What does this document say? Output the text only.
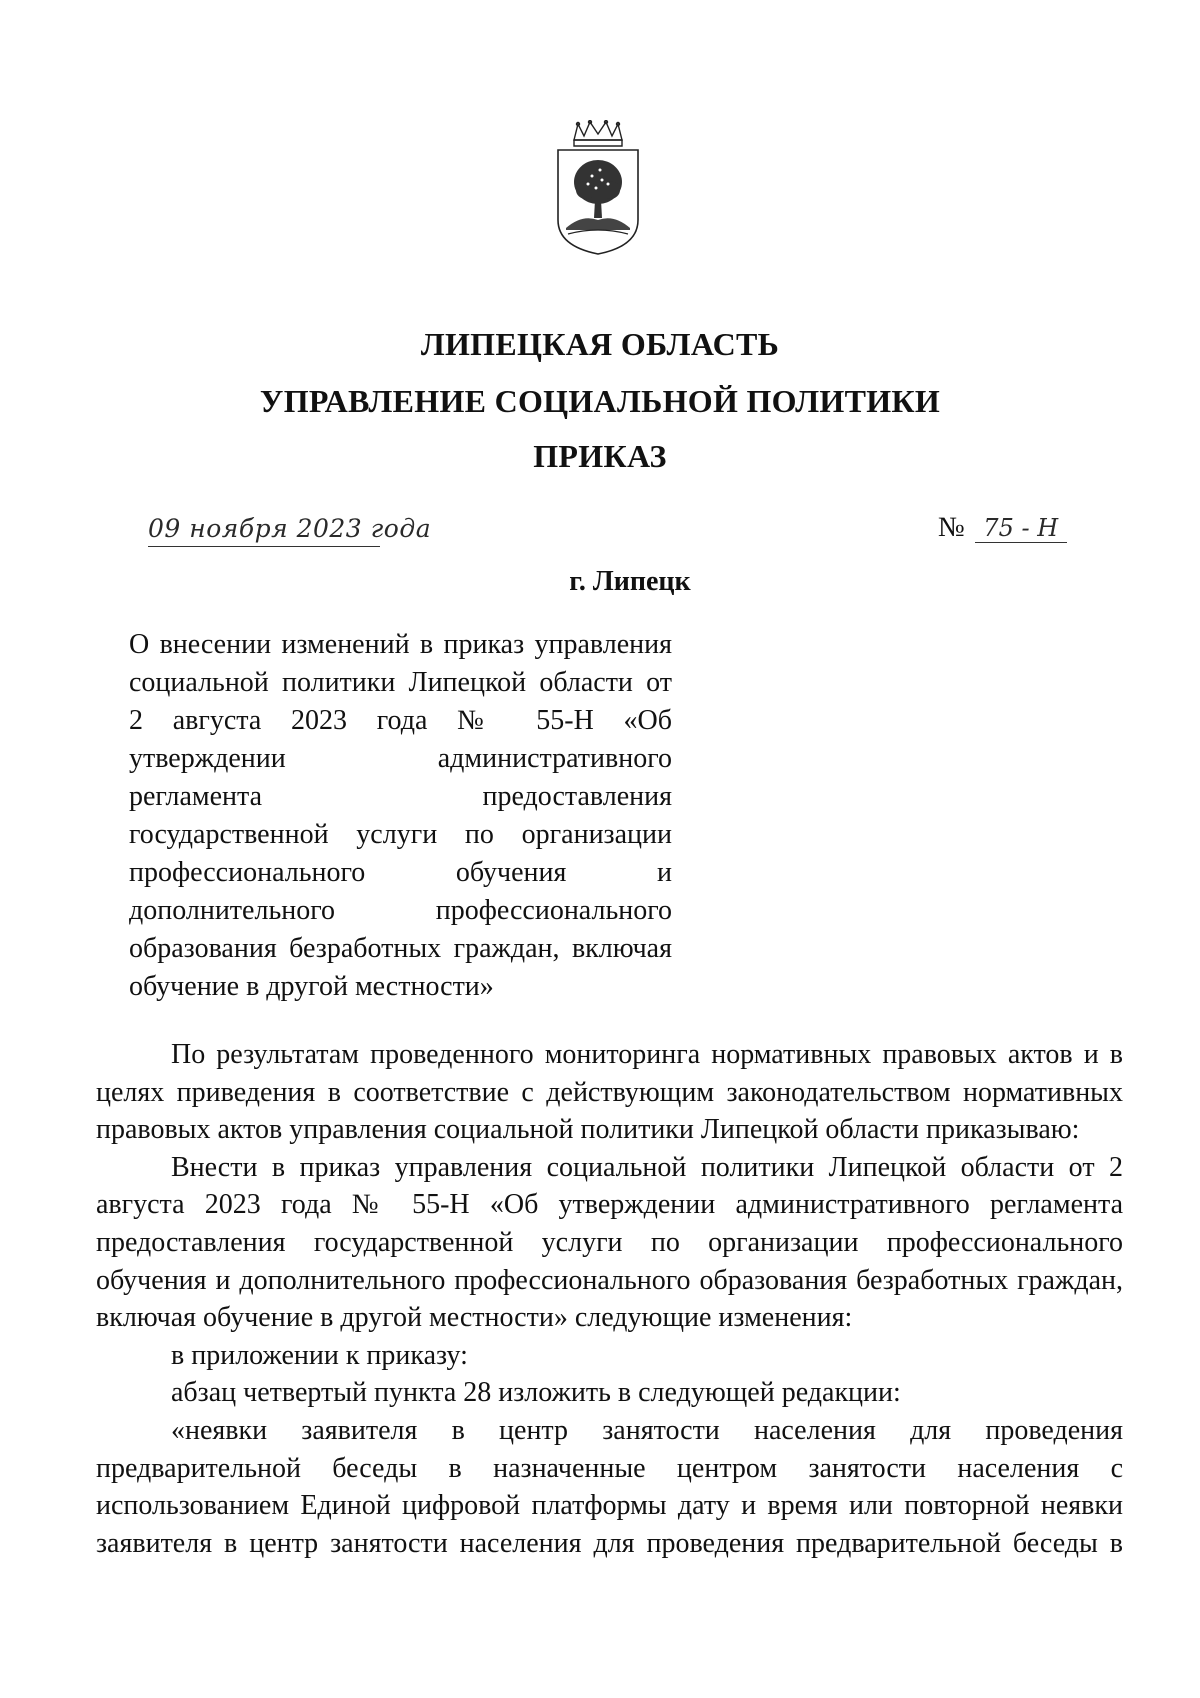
ЛИПЕЦКАЯ ОБЛАСТЬ
УПРАВЛЕНИЕ СОЦИАЛЬНОЙ ПОЛИТИКИ
ПРИКАЗ
09 ноября 2023 года	№ 75 - Н

г. Липецк

О внесении изменений в приказ управления
социальной политики Липецкой области от
2 августа 2023 года № 55-Н «Об
утверждении административного
регламента предоставления
государственной услуги по организации
профессионального обучения и
дополнительного профессионального
образования безработных граждан, включая
обучение в другой местности»

По результатам проведенного мониторинга нормативных правовых актов и в целях приведения в соответствие с действующим законодательством нормативных правовых актов управления социальной политики Липецкой области приказываю:

Внести в приказ управления социальной политики Липецкой области от 2 августа 2023 года № 55-Н «Об утверждении административного регламента предоставления государственной услуги по организации профессионального обучения и дополнительного профессионального образования безработных граждан, включая обучение в другой местности» следующие изменения:

в приложении к приказу:

абзац четвертый пункта 28 изложить в следующей редакции:

«неявки заявителя в центр занятости населения для проведения предварительной беседы в назначенные центром занятости населения с использованием Единой цифровой платформы дату и время или повторной неявки заявителя в центр занятости населения для проведения предварительной беседы в
